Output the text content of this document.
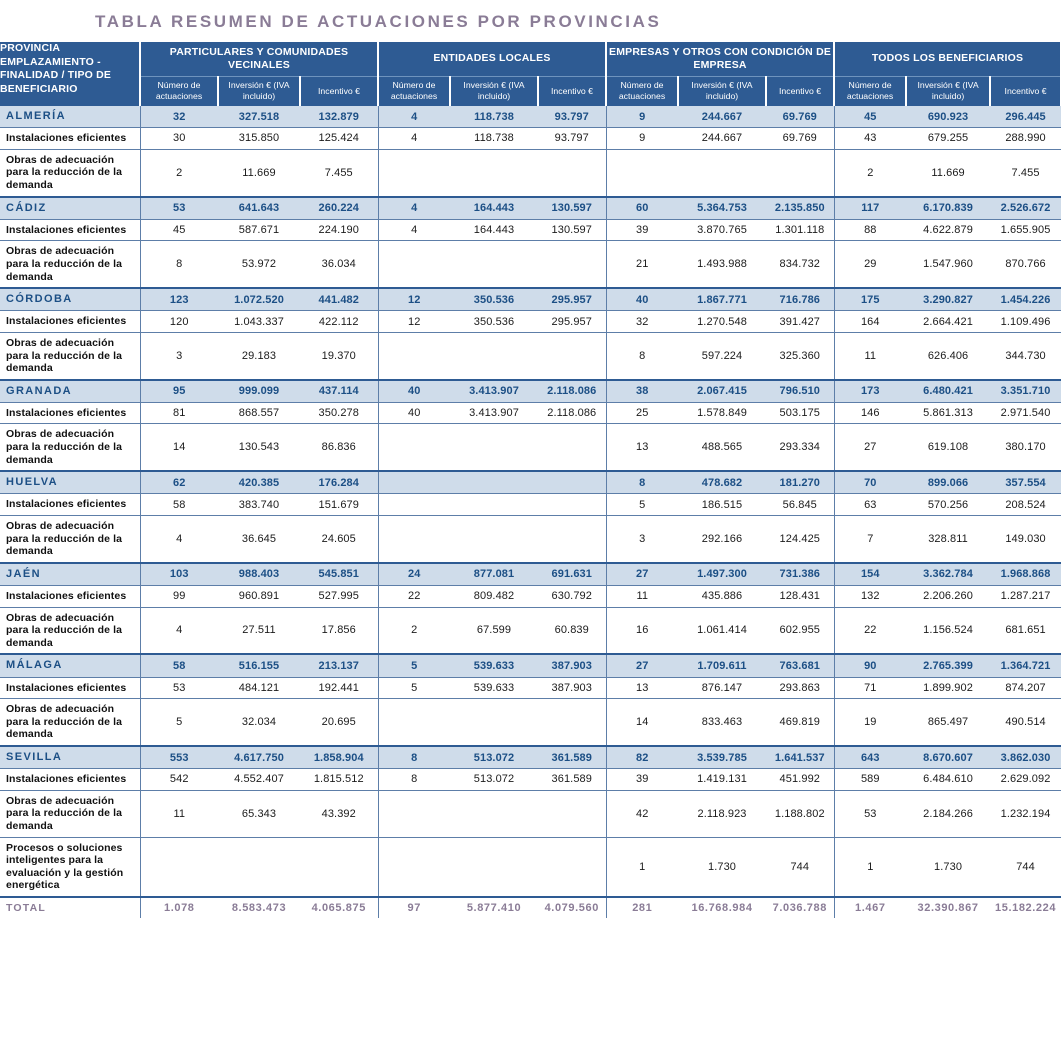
TABLA RESUMEN DE ACTUACIONES POR PROVINCIAS
PROVINCIA EMPLAZAMIENTO - FINALIDAD / TIPO DE BENEFICIARIO	PARTICULARES Y COMUNIDADES VECINALES			ENTIDADES LOCALES			EMPRESAS Y OTROS CON CONDICIÓN DE EMPRESA			TODOS LOS BENEFICIARIOS		
	Número de actuaciones	Inversión € (IVA incluido)	Incentivo €	Número de actuaciones	Inversión € (IVA incluido)	Incentivo €	Número de actuaciones	Inversión € (IVA incluido)	Incentivo €	Número de actuaciones	Inversión € (IVA incluido)	Incentivo €
ALMERÍA	32	327.518	132.879	4	118.738	93.797	9	244.667	69.769	45	690.923	296.445
Instalaciones eficientes	30	315.850	125.424	4	118.738	93.797	9	244.667	69.769	43	679.255	288.990
Obras de adecuación para la reducción de la demanda	2	11.669	7.455							2	11.669	7.455
CÁDIZ	53	641.643	260.224	4	164.443	130.597	60	5.364.753	2.135.850	117	6.170.839	2.526.672
Instalaciones eficientes	45	587.671	224.190	4	164.443	130.597	39	3.870.765	1.301.118	88	4.622.879	1.655.905
Obras de adecuación para la reducción de la demanda	8	53.972	36.034				21	1.493.988	834.732	29	1.547.960	870.766
CÓRDOBA	123	1.072.520	441.482	12	350.536	295.957	40	1.867.771	716.786	175	3.290.827	1.454.226
Instalaciones eficientes	120	1.043.337	422.112	12	350.536	295.957	32	1.270.548	391.427	164	2.664.421	1.109.496
Obras de adecuación para la reducción de la demanda	3	29.183	19.370				8	597.224	325.360	11	626.406	344.730
GRANADA	95	999.099	437.114	40	3.413.907	2.118.086	38	2.067.415	796.510	173	6.480.421	3.351.710
Instalaciones eficientes	81	868.557	350.278	40	3.413.907	2.118.086	25	1.578.849	503.175	146	5.861.313	2.971.540
Obras de adecuación para la reducción de la demanda	14	130.543	86.836				13	488.565	293.334	27	619.108	380.170
HUELVA	62	420.385	176.284				8	478.682	181.270	70	899.066	357.554
Instalaciones eficientes	58	383.740	151.679				5	186.515	56.845	63	570.256	208.524
Obras de adecuación para la reducción de la demanda	4	36.645	24.605				3	292.166	124.425	7	328.811	149.030
JAÉN	103	988.403	545.851	24	877.081	691.631	27	1.497.300	731.386	154	3.362.784	1.968.868
Instalaciones eficientes	99	960.891	527.995	22	809.482	630.792	11	435.886	128.431	132	2.206.260	1.287.217
Obras de adecuación para la reducción de la demanda	4	27.511	17.856	2	67.599	60.839	16	1.061.414	602.955	22	1.156.524	681.651
MÁLAGA	58	516.155	213.137	5	539.633	387.903	27	1.709.611	763.681	90	2.765.399	1.364.721
Instalaciones eficientes	53	484.121	192.441	5	539.633	387.903	13	876.147	293.863	71	1.899.902	874.207
Obras de adecuación para la reducción de la demanda	5	32.034	20.695				14	833.463	469.819	19	865.497	490.514
SEVILLA	553	4.617.750	1.858.904	8	513.072	361.589	82	3.539.785	1.641.537	643	8.670.607	3.862.030
Instalaciones eficientes	542	4.552.407	1.815.512	8	513.072	361.589	39	1.419.131	451.992	589	6.484.610	2.629.092
Obras de adecuación para la reducción de la demanda	11	65.343	43.392				42	2.118.923	1.188.802	53	2.184.266	1.232.194
Procesos o soluciones inteligentes para la evaluación y la gestión energética							1	1.730	744	1	1.730	744
TOTAL	1.078	8.583.473	4.065.875	97	5.877.410	4.079.560	281	16.768.984	7.036.788	1.467	32.390.867	15.182.224
